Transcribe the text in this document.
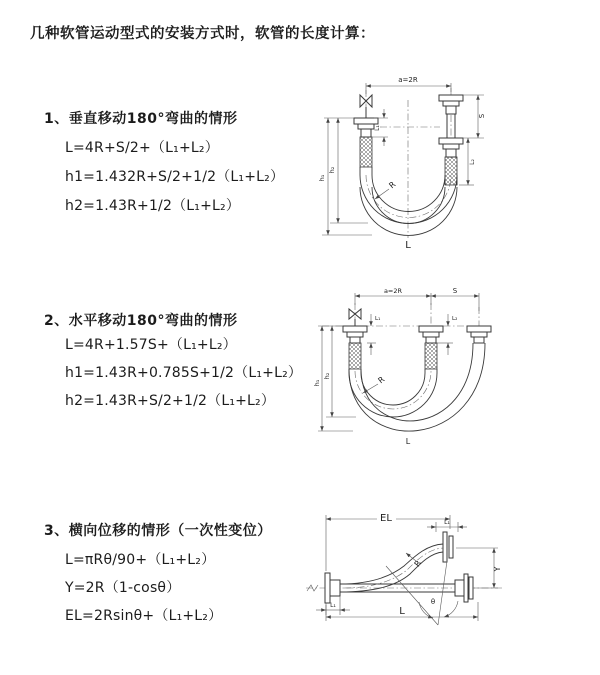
几种软管运动型式的安装方式时，软管的长度计算：
1、垂直移动180°弯曲的情形
L=4R+S/2+（L₁+L₂）
h1=1.432R+S/2+1/2（L₁+L₂）
h2=1.43R+1/2（L₁+L₂）
2、水平移动180°弯曲的情形
L=4R+1.57S+（L₁+L₂）
h1=1.43R+0.785S+1/2（L₁+L₂）
h2=1.43R+S/2+1/2（L₁+L₂）
3、横向位移的情形（一次性变位）
L=πRθ/90+（L₁+L₂）
Y=2R（1-cosθ）
EL=2Rsinθ+（L₁+L₂）
a=2R
L₁
S
L₂
h₁
h₂
R
L
a=2R	S
L₁	L₂
h₁
h₂	R
L
θ
R
EL	L₁
Y
L
L₁
